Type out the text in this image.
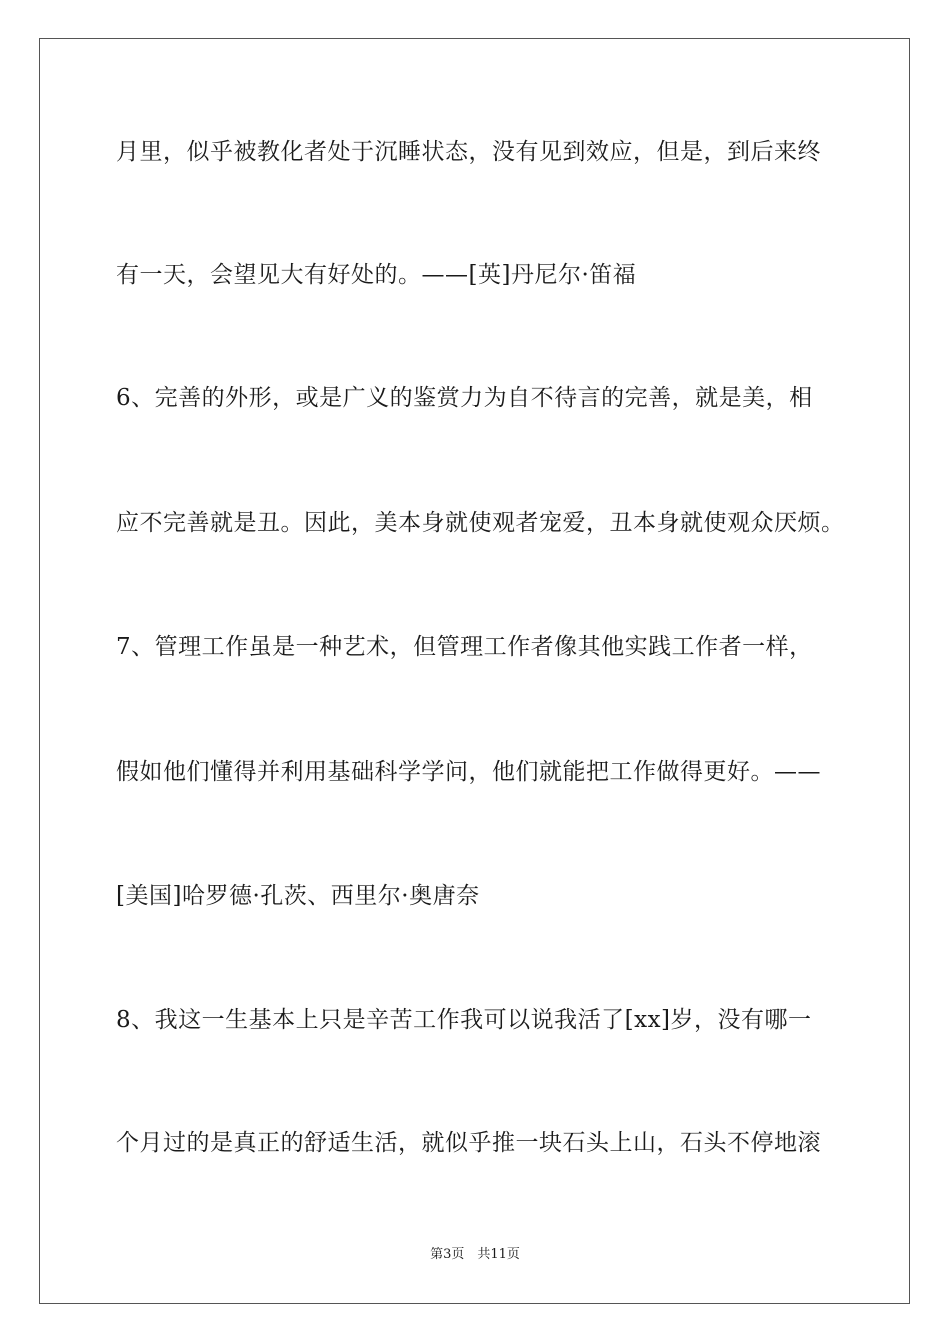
月里，似乎被教化者处于沉睡状态，没有见到效应，但是，到后来终
有一天，会望见大有好处的。——[英]丹尼尔·笛福
6、完善的外形，或是广义的鉴赏力为自不待言的完善，就是美，相
应不完善就是丑。因此，美本身就使观者宠爱，丑本身就使观众厌烦。
7、管理工作虽是一种艺术，但管理工作者像其他实践工作者一样，
假如他们懂得并利用基础科学学问，他们就能把工作做得更好。——
[美国]哈罗德·孔茨、西里尔·奥唐奈
8、我这一生基本上只是辛苦工作我可以说我活了[xx]岁，没有哪一
个月过的是真正的舒适生活，就似乎推一块石头上山，石头不停地滚
第3页　共11页
